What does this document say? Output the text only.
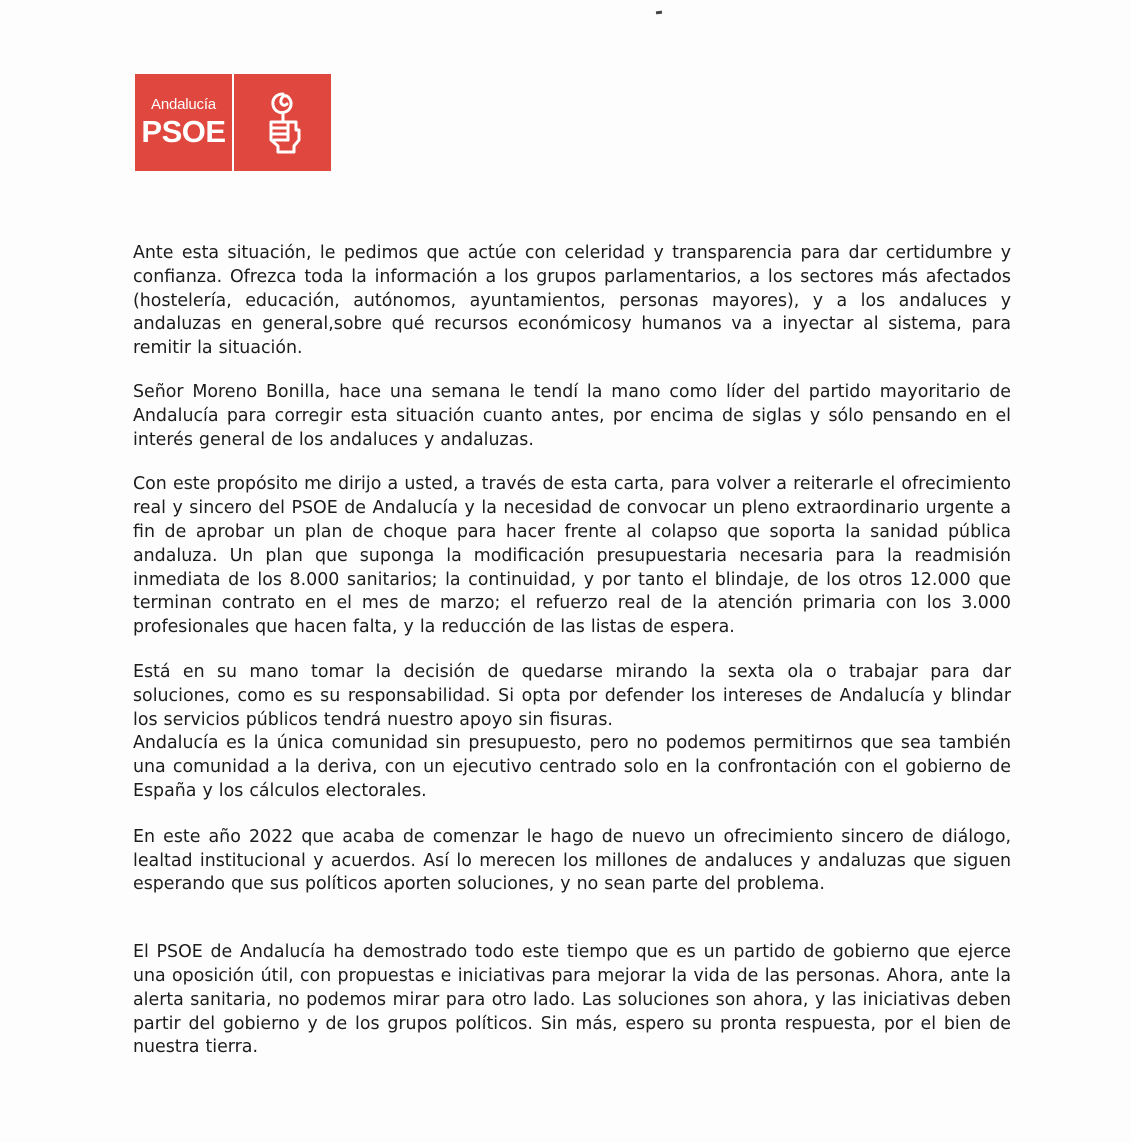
Andalucía
PSOE

Ante esta situación, le pedimos que actúe con celeridad y transparencia para dar certidumbre y confianza. Ofrezca toda la información a los grupos parlamentarios, a los sectores más afectados (hostelería, educación, autónomos, ayuntamientos, personas mayores), y a los andaluces y andaluzas en general,sobre qué recursos económicosy humanos va a inyectar al sistema, para remitir la situación.

Señor Moreno Bonilla, hace una semana le tendí la mano como líder del partido mayoritario de Andalucía para corregir esta situación cuanto antes, por encima de siglas y sólo pensando en el interés general de los andaluces y andaluzas.

Con este propósito me dirijo a usted, a través de esta carta, para volver a reiterarle el ofrecimiento real y sincero del PSOE de Andalucía y la necesidad de convocar un pleno extraordinario urgente a fin de aprobar un plan de choque para hacer frente al colapso que soporta la sanidad pública andaluza. Un plan que suponga la modificación presupuestaria necesaria para la readmisión inmediata de los 8.000 sanitarios; la continuidad, y por tanto el blindaje, de los otros 12.000 que terminan contrato en el mes de marzo; el refuerzo real de la atención primaria con los 3.000 profesionales que hacen falta, y la reducción de las listas de espera.

Está en su mano tomar la decisión de quedarse mirando la sexta ola o trabajar para dar soluciones, como es su responsabilidad. Si opta por defender los intereses de Andalucía y blindar los servicios públicos tendrá nuestro apoyo sin fisuras.

Andalucía es la única comunidad sin presupuesto, pero no podemos permitirnos que sea también una comunidad a la deriva, con un ejecutivo centrado solo en la confrontación con el gobierno de España y los cálculos electorales.

En este año 2022 que acaba de comenzar le hago de nuevo un ofrecimiento sincero de diálogo, lealtad institucional y acuerdos. Así lo merecen los millones de andaluces y andaluzas que siguen esperando que sus políticos aporten soluciones, y no sean parte del problema.

El PSOE de Andalucía ha demostrado todo este tiempo que es un partido de gobierno que ejerce una oposición útil, con propuestas e iniciativas para mejorar la vida de las personas. Ahora, ante la alerta sanitaria, no podemos mirar para otro lado. Las soluciones son ahora, y las iniciativas deben partir del gobierno y de los grupos políticos. Sin más, espero su pronta respuesta, por el bien de nuestra tierra.
